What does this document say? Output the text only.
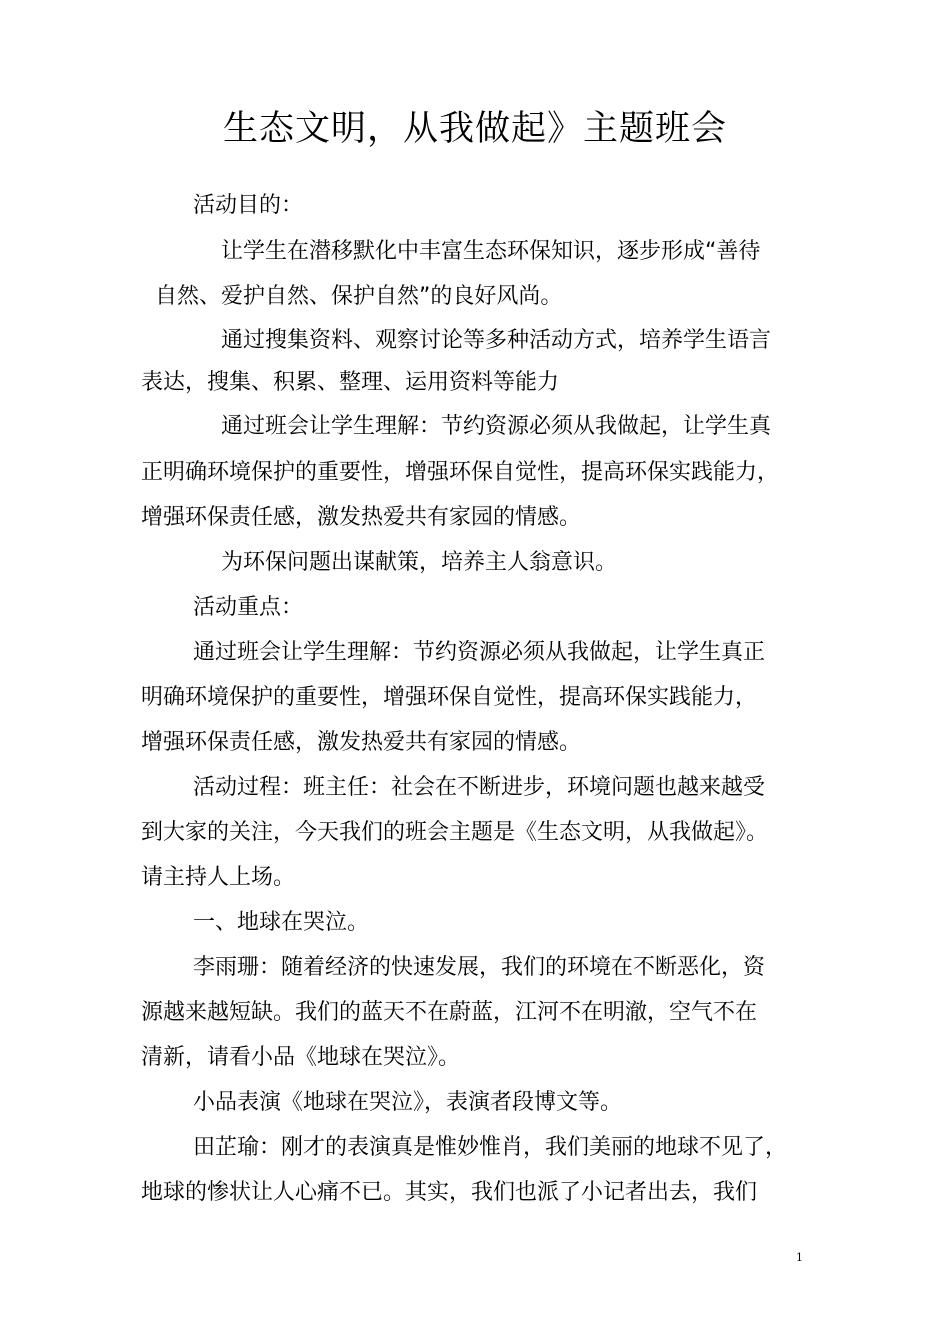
生态文明，从我做起》主题班会
活动目的：
让学生在潜移默化中丰富生态环保知识，逐步形成“善待
自然、爱护自然、保护自然”的良好风尚。
通过搜集资料、观察讨论等多种活动方式，培养学生语言
表达，搜集、积累、整理、运用资料等能力
通过班会让学生理解：节约资源必须从我做起，让学生真
正明确环境保护的重要性，增强环保自觉性，提高环保实践能力，
增强环保责任感，激发热爱共有家园的情感。
为环保问题出谋献策，培养主人翁意识。
活动重点：
通过班会让学生理解：节约资源必须从我做起，让学生真正
明确环境保护的重要性，增强环保自觉性，提高环保实践能力，
增强环保责任感，激发热爱共有家园的情感。
活动过程：班主任：社会在不断进步，环境问题也越来越受
到大家的关注，今天我们的班会主题是《生态文明，从我做起》。
请主持人上场。
一、地球在哭泣。
李雨珊：随着经济的快速发展，我们的环境在不断恶化，资
源越来越短缺。我们的蓝天不在蔚蓝，江河不在明澈，空气不在
清新，请看小品《地球在哭泣》。
小品表演《地球在哭泣》，表演者段博文等。
田芷瑜：刚才的表演真是惟妙惟肖，我们美丽的地球不见了，
地球的惨状让人心痛不已。其实，我们也派了小记者出去，我们
1
